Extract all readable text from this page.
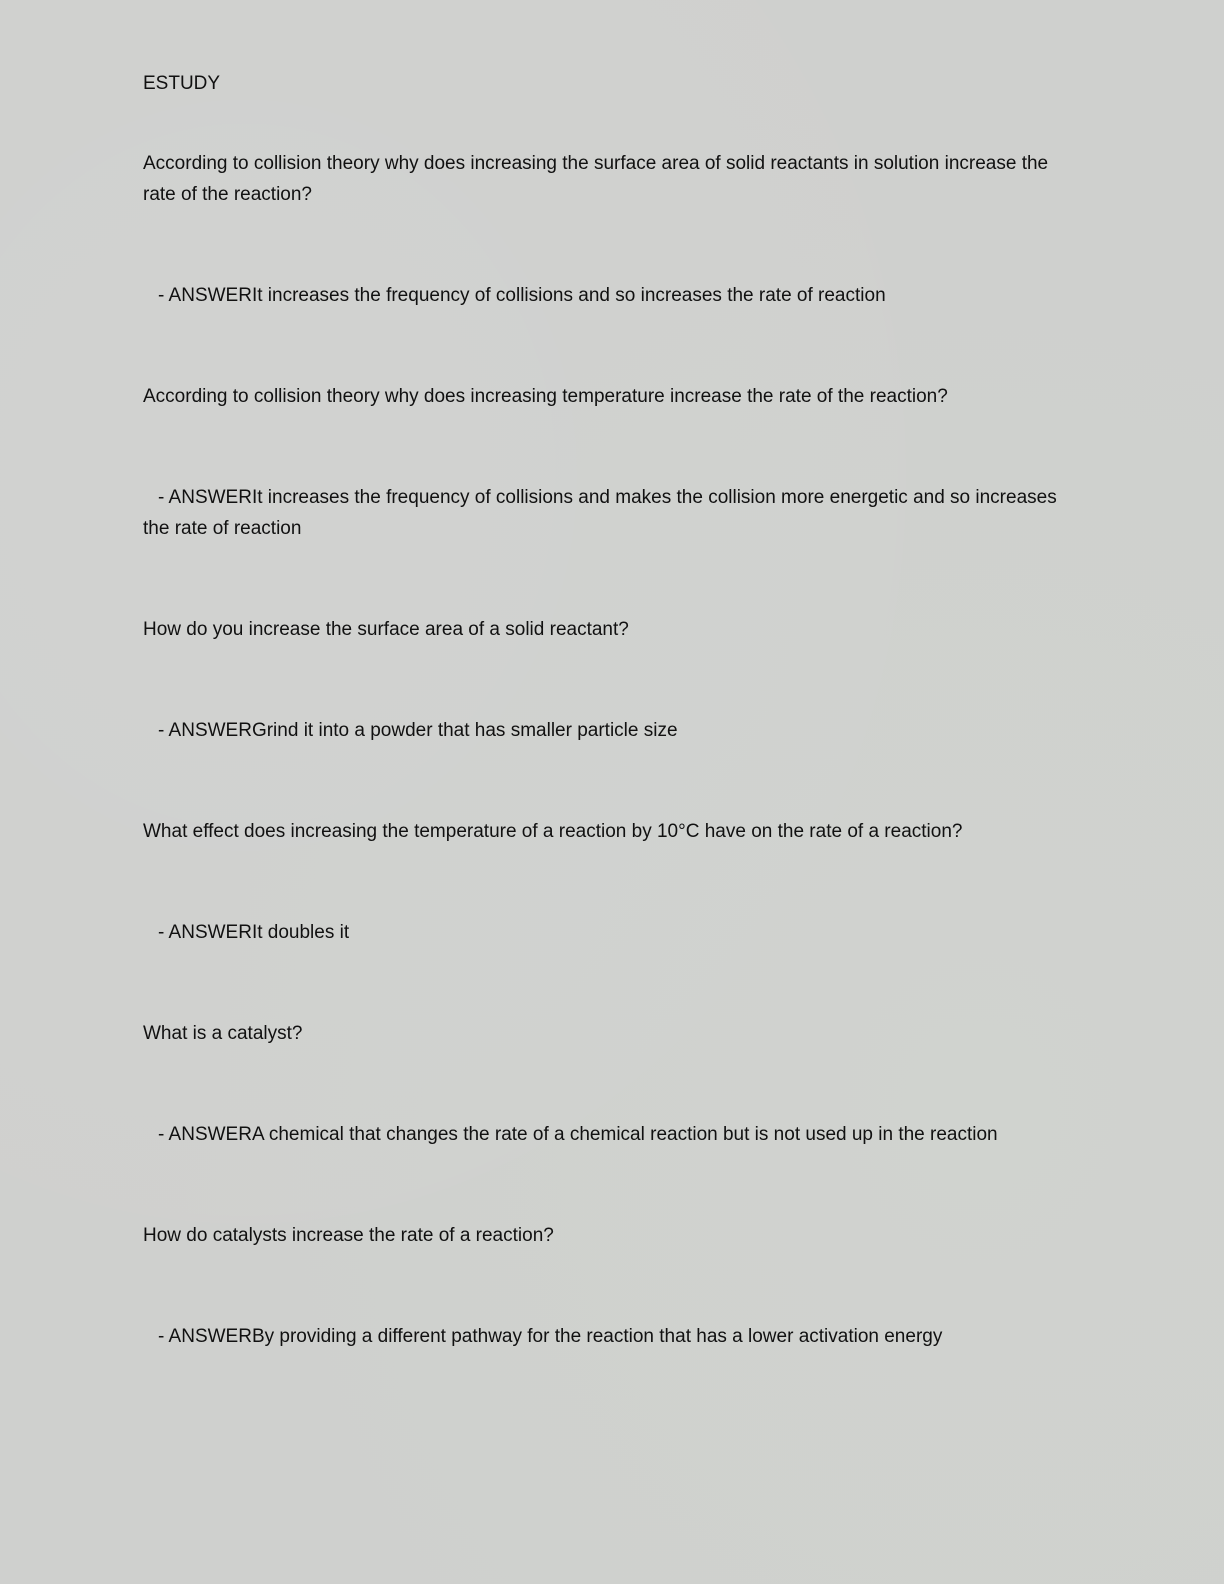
ESTUDY

According to collision theory why does increasing the surface area of solid reactants in solution increase the rate of the reaction?

- ANSWERIt increases the frequency of collisions and so increases the rate of reaction

According to collision theory why does increasing temperature increase the rate of the reaction?

- ANSWERIt increases the frequency of collisions and makes the collision more energetic and so increases the rate of reaction

How do you increase the surface area of a solid reactant?

- ANSWERGrind it into a powder that has smaller particle size

What effect does increasing the temperature of a reaction by 10°C have on the rate of a reaction?

- ANSWERIt doubles it

What is a catalyst?

- ANSWERA chemical that changes the rate of a chemical reaction but is not used up in the reaction

How do catalysts increase the rate of a reaction?

- ANSWERBy providing a different pathway for the reaction that has a lower activation energy
